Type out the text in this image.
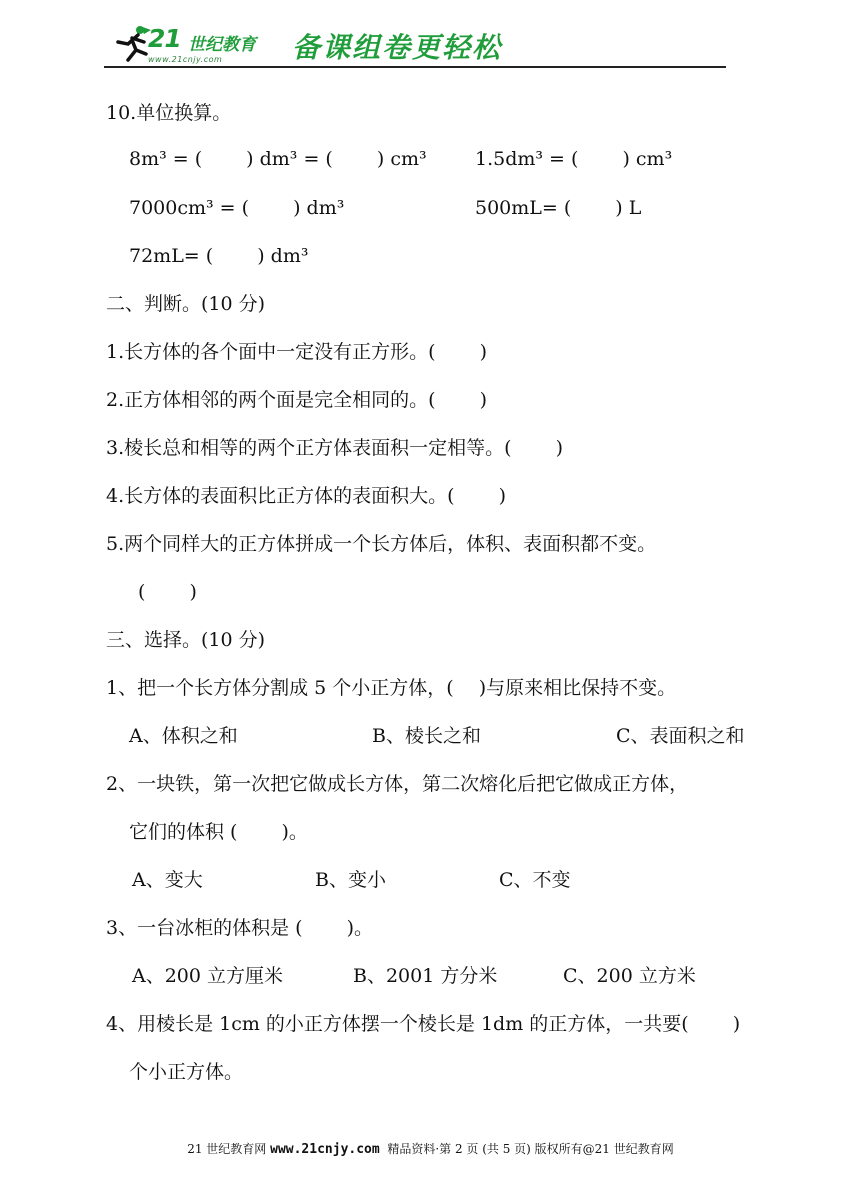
21 世纪教育
www.21cnjy.com 备课组卷更轻松
10.单位换算。
8m³ = (　　 ) dm³ = (　　 ) cm³	1.5dm³ = (　　 ) cm³
7000cm³ = (　　 ) dm³	500mL= (　　 ) L
72mL= (　　 ) dm³
二、判断。(10 分)
1.长方体的各个面中一定没有正方形。(　　 )
2.正方体相邻的两个面是完全相同的。(　　 )
3.棱长总和相等的两个正方体表面积一定相等。(　　 )
4.长方体的表面积比正方体的表面积大。(　　 )
5.两个同样大的正方体拼成一个长方体后，体积、表面积都不变。
(　　 )
三、选择。(10 分)
1、把一个长方体分割成 5 个小正方体，(　 )与原来相比保持不变。
A、体积之和	B、棱长之和	C、表面积之和
2、一块铁，第一次把它做成长方体，第二次熔化后把它做成正方体，
它们的体积 (　　 )。
A、变大	B、变小	C、不变
3、一台冰柜的体积是 (　　 )。
A、200 立方厘米	B、2001 方分米	C、200 立方米
4、用棱长是 1cm 的小正方体摆一个棱长是 1dm 的正方体，一共要(　　 )
个小正方体。
21 世纪教育网 www.21cnjy.com  精品资料·第 2 页 (共 5 页) 版权所有@21 世纪教育网
